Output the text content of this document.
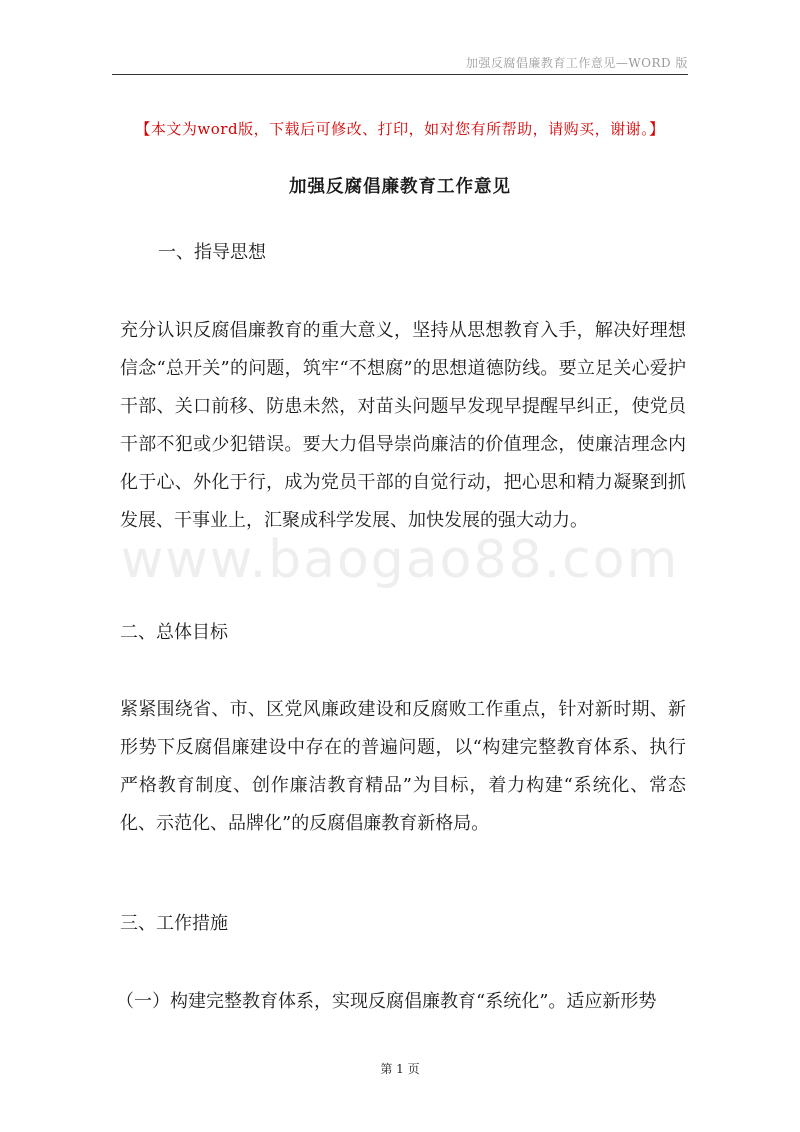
加强反腐倡廉教育工作意见—WORD 版
www.baogao88.com
【本文为word版，下载后可修改、打印，如对您有所帮助，请购买，谢谢。】
加强反腐倡廉教育工作意见
一、指导思想

充分认识反腐倡廉教育的重大意义，坚持从思想教育入手，解决好理想信念“总开关”的问题，筑牢“不想腐”的思想道德防线。要立足关心爱护干部、关口前移、防患未然，对苗头问题早发现早提醒早纠正，使党员干部不犯或少犯错误。要大力倡导崇尚廉洁的价值理念，使廉洁理念内化于心、外化于行，成为党员干部的自觉行动，把心思和精力凝聚到抓发展、干事业上，汇聚成科学发展、加快发展的强大动力。

二、总体目标

紧紧围绕省、市、区党风廉政建设和反腐败工作重点，针对新时期、新形势下反腐倡廉建设中存在的普遍问题，以“构建完整教育体系、执行严格教育制度、创作廉洁教育精品”为目标，着力构建“系统化、常态化、示范化、品牌化”的反腐倡廉教育新格局。

三、工作措施

（一）构建完整教育体系，实现反腐倡廉教育“系统化”。适应新形势

第 1 页
